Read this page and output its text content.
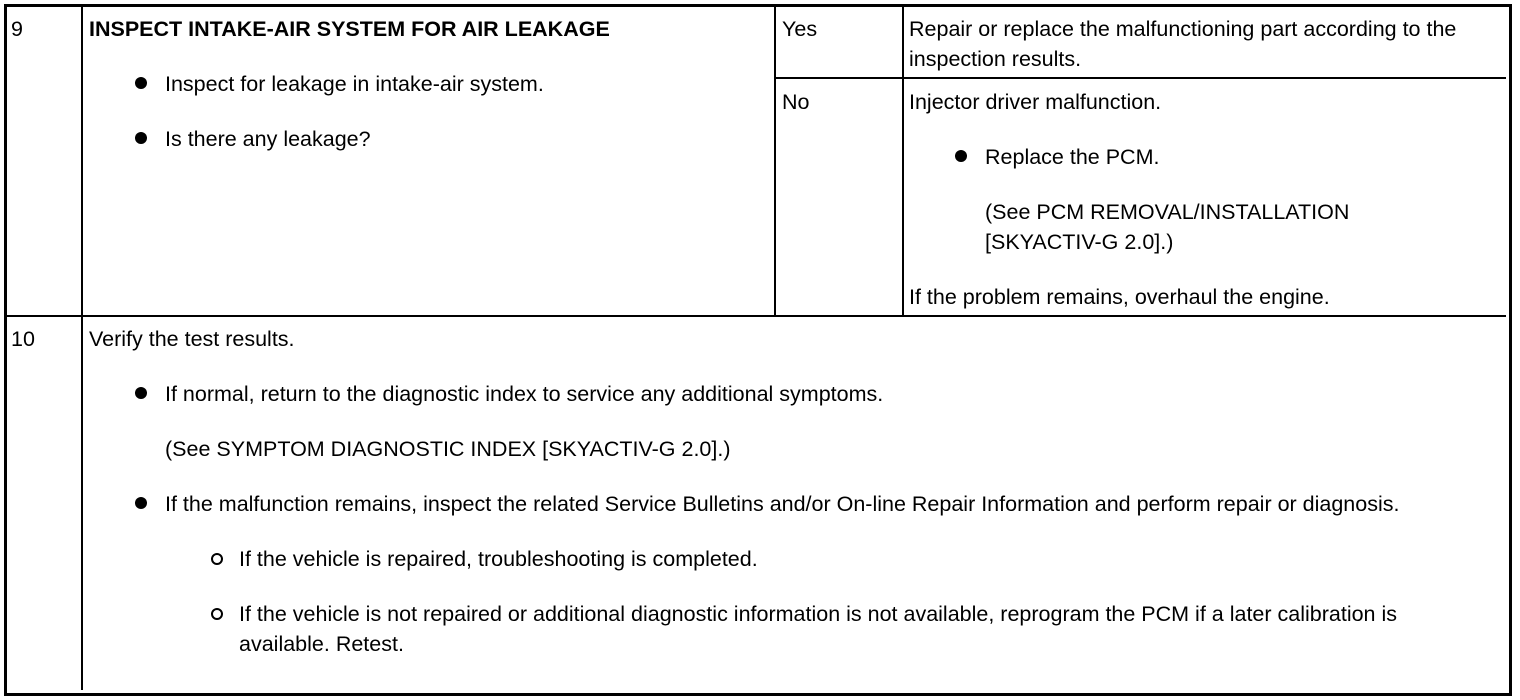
9	INSPECT INTAKE-AIR SYSTEM FOR AIR LEAKAGE
Inspect for leakage in intake-air system.
Is there any leakage?
Yes	Repair or replace the malfunctioning part according to the inspection results.
No	Injector driver malfunction.
Replace the PCM.
(See PCM REMOVAL/INSTALLATION [SKYACTIV-G 2.0].)
If the problem remains, overhaul the engine.
10	Verify the test results.
If normal, return to the diagnostic index to service any additional symptoms.
(See SYMPTOM DIAGNOSTIC INDEX [SKYACTIV-G 2.0].)
If the malfunction remains, inspect the related Service Bulletins and/or On-line Repair Information and perform repair or diagnosis.
If the vehicle is repaired, troubleshooting is completed.
If the vehicle is not repaired or additional diagnostic information is not available, reprogram the PCM if a later calibration is available. Retest.
